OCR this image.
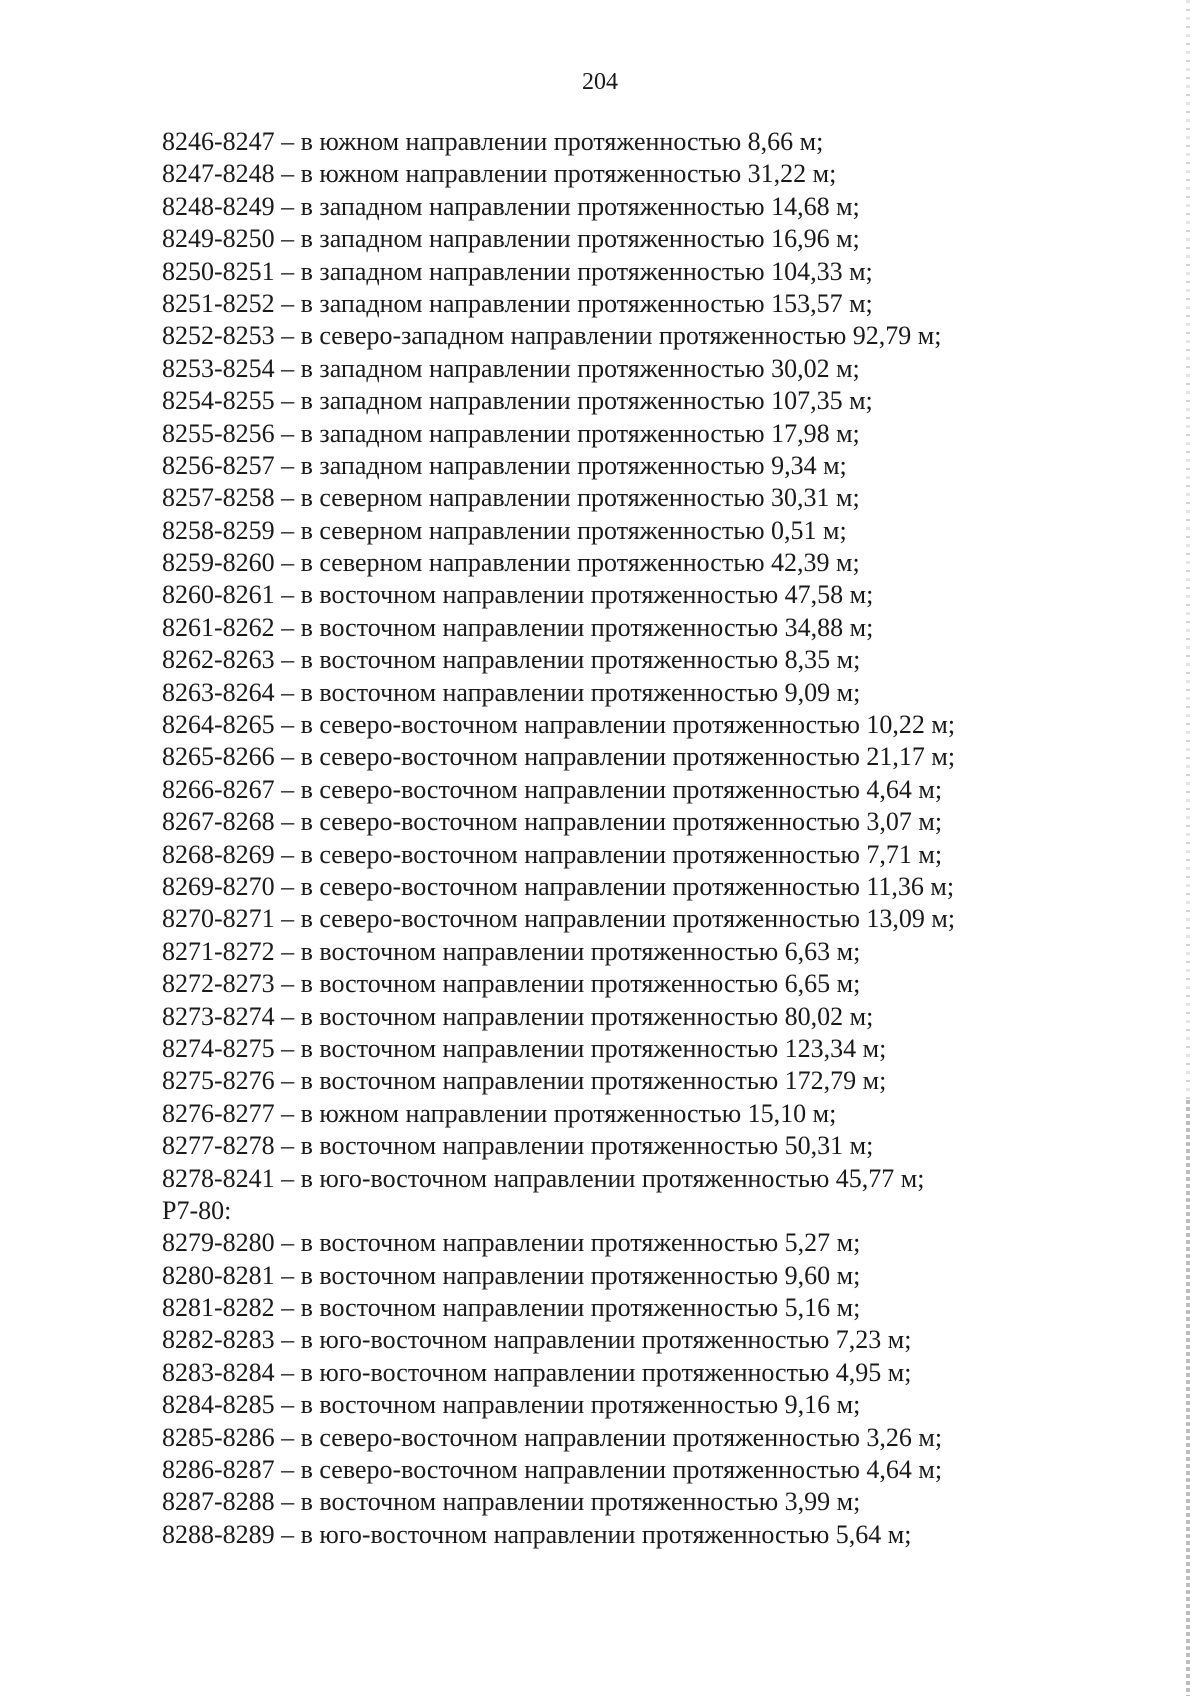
204
8246-8247 – в южном направлении протяженностью 8,66 м;
8247-8248 – в южном направлении протяженностью 31,22 м;
8248-8249 – в западном направлении протяженностью 14,68 м;
8249-8250 – в западном направлении протяженностью 16,96 м;
8250-8251 – в западном направлении протяженностью 104,33 м;
8251-8252 – в западном направлении протяженностью 153,57 м;
8252-8253 – в северо-западном направлении протяженностью 92,79 м;
8253-8254 – в западном направлении протяженностью 30,02 м;
8254-8255 – в западном направлении протяженностью 107,35 м;
8255-8256 – в западном направлении протяженностью 17,98 м;
8256-8257 – в западном направлении протяженностью 9,34 м;
8257-8258 – в северном направлении протяженностью 30,31 м;
8258-8259 – в северном направлении протяженностью 0,51 м;
8259-8260 – в северном направлении протяженностью 42,39 м;
8260-8261 – в восточном направлении протяженностью 47,58 м;
8261-8262 – в восточном направлении протяженностью 34,88 м;
8262-8263 – в восточном направлении протяженностью 8,35 м;
8263-8264 – в восточном направлении протяженностью 9,09 м;
8264-8265 – в северо-восточном направлении протяженностью 10,22 м;
8265-8266 – в северо-восточном направлении протяженностью 21,17 м;
8266-8267 – в северо-восточном направлении протяженностью 4,64 м;
8267-8268 – в северо-восточном направлении протяженностью 3,07 м;
8268-8269 – в северо-восточном направлении протяженностью 7,71 м;
8269-8270 – в северо-восточном направлении протяженностью 11,36 м;
8270-8271 – в северо-восточном направлении протяженностью 13,09 м;
8271-8272 – в восточном направлении протяженностью 6,63 м;
8272-8273 – в восточном направлении протяженностью 6,65 м;
8273-8274 – в восточном направлении протяженностью 80,02 м;
8274-8275 – в восточном направлении протяженностью 123,34 м;
8275-8276 – в восточном направлении протяженностью 172,79 м;
8276-8277 – в южном направлении протяженностью 15,10 м;
8277-8278 – в восточном направлении протяженностью 50,31 м;
8278-8241 – в юго-восточном направлении протяженностью 45,77 м;
Р7-80:
8279-8280 – в восточном направлении протяженностью 5,27 м;
8280-8281 – в восточном направлении протяженностью 9,60 м;
8281-8282 – в восточном направлении протяженностью 5,16 м;
8282-8283 – в юго-восточном направлении протяженностью 7,23 м;
8283-8284 – в юго-восточном направлении протяженностью 4,95 м;
8284-8285 – в восточном направлении протяженностью 9,16 м;
8285-8286 – в северо-восточном направлении протяженностью 3,26 м;
8286-8287 – в северо-восточном направлении протяженностью 4,64 м;
8287-8288 – в восточном направлении протяженностью 3,99 м;
8288-8289 – в юго-восточном направлении протяженностью 5,64 м;
